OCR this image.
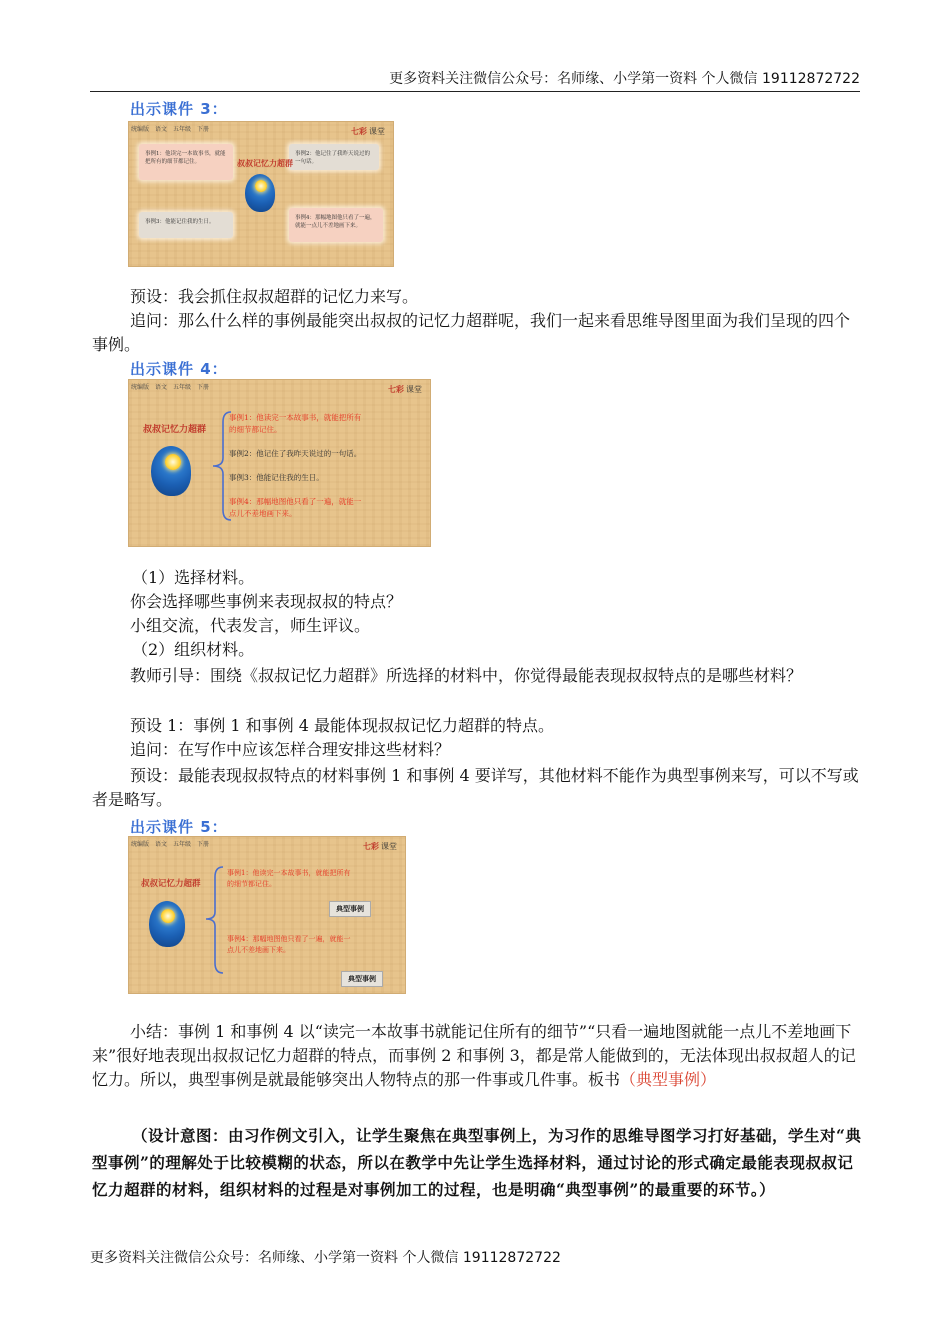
更多资料关注微信公众号：名师缘、小学第一资料 个人微信 19112872722
出示课件 3：
统编版 语文 五年级 下册	七彩 课堂
事例1：他读完一本故事书，就能把所有的细节都记住。
事例2：他记住了我昨天说过的一句话。
事例3：他能记住我的生日。
事例4：那幅地图他只看了一遍，就能一点儿不差地画下来。
叔叔记忆力超群

预设：我会抓住叔叔超群的记忆力来写。

追问：那么什么样的事例最能突出叔叔的记忆力超群呢，我们一起来看思维导图里面为我们呈现的四个事例。

出示课件 4：
统编版 语文 五年级 下册	七彩 课堂
叔叔记忆力超群
事例1：他读完一本故事书，就能把所有
的细节都记住。
事例2：他记住了我昨天说过的一句话。
事例3：他能记住我的生日。
事例4：那幅地图他只看了一遍，就能一
点儿不差地画下来。

（1）选择材料。

你会选择哪些事例来表现叔叔的特点？

小组交流，代表发言，师生评议。

（2）组织材料。

教师引导：围绕《叔叔记忆力超群》所选择的材料中，你觉得最能表现叔叔特点的是哪些材料？

预设 1：事例 1 和事例 4 最能体现叔叔记忆力超群的特点。

追问：在写作中应该怎样合理安排这些材料？

预设：最能表现叔叔特点的材料事例 1 和事例 4 要详写，其他材料不能作为典型事例来写，可以不写或者是略写。

出示课件 5：
统编版 语文 五年级 下册	七彩 课堂
叔叔记忆力超群
事例1：他读完一本故事书，就能把所有
的细节都记住。
典型事例
事例4：那幅地图他只看了一遍，就能一
点儿不差地画下来。
典型事例

小结：事例 1 和事例 4 以“读完一本故事书就能记住所有的细节”“只看一遍地图就能一点儿不差地画下来”很好地表现出叔叔记忆力超群的特点，而事例 2 和事例 3，都是常人能做到的，无法体现出叔叔超人的记忆力。所以，典型事例是就最能够突出人物特点的那一件事或几件事。板书（典型事例）

（设计意图：由习作例文引入，让学生聚焦在典型事例上，为习作的思维导图学习打好基础，学生对“典型事例”的理解处于比较模糊的状态，所以在教学中先让学生选择材料，通过讨论的形式确定最能表现叔叔记忆力超群的材料，组织材料的过程是对事例加工的过程，也是明确“典型事例”的最重要的环节。）

更多资料关注微信公众号：名师缘、小学第一资料 个人微信 19112872722
